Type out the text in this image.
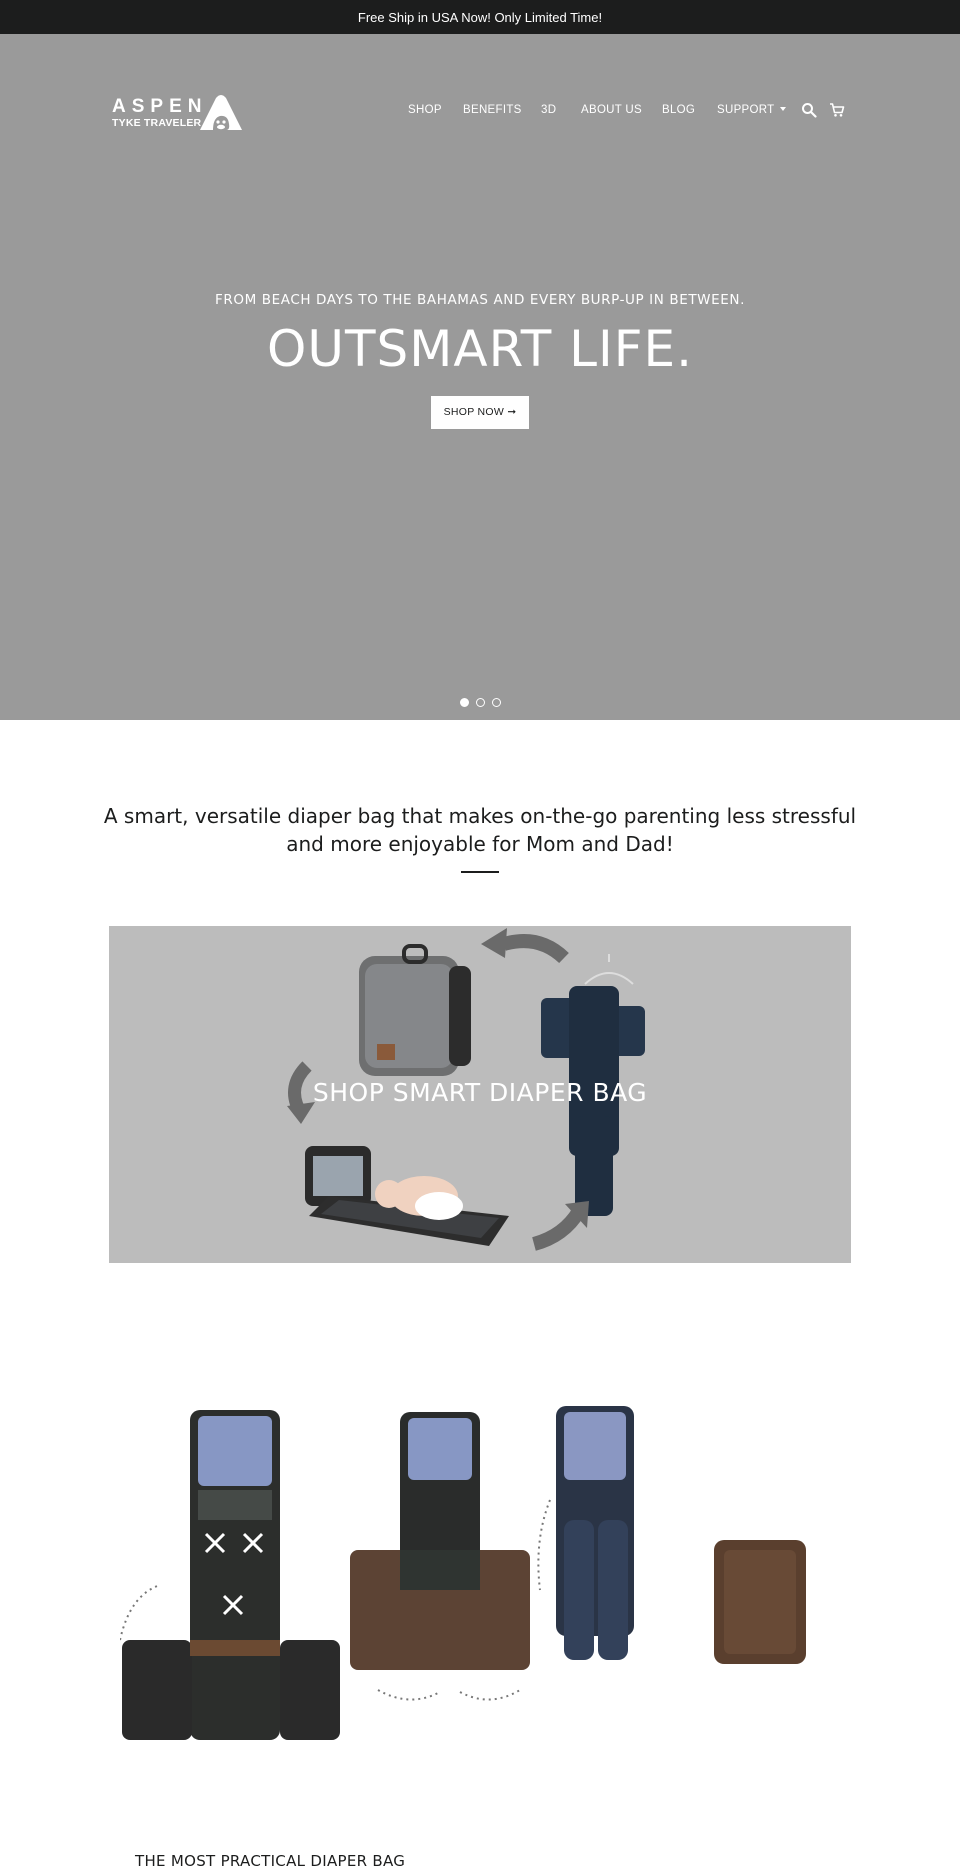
Free Ship in USA Now! Only Limited Time!
ASPEN
TYKE TRAVELER
SHOP BENEFITS 3D ABOUT US BLOG SUPPORT
FROM BEACH DAYS TO THE BAHAMAS AND EVERY BURP-UP IN BETWEEN.
OUTSMART LIFE.
SHOP NOW ➞
A smart, versatile diaper bag that makes on-the-go parenting less stressful and more enjoyable for Mom and Dad!
SHOP SMART DIAPER BAG
THE MOST PRACTICAL DIAPER BAG
